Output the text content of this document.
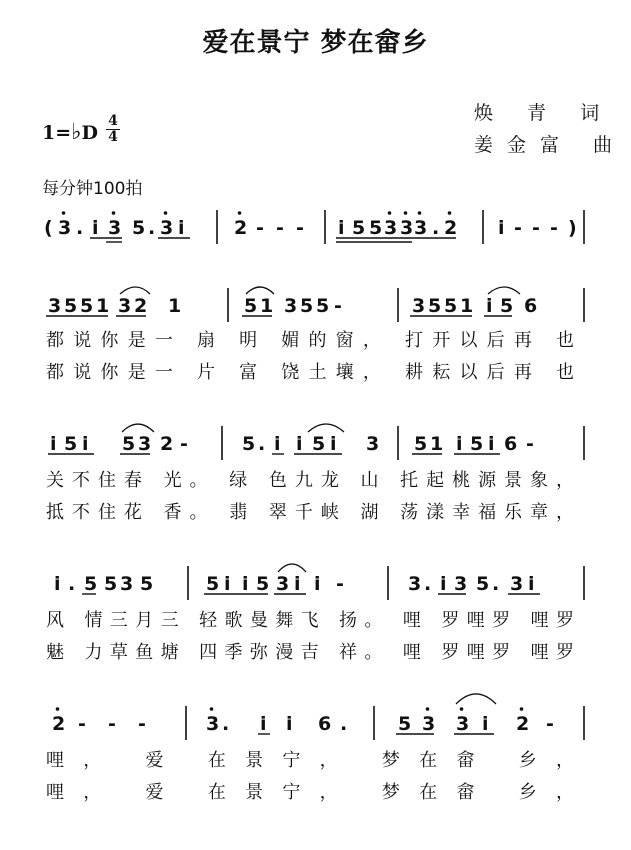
爱在景宁 梦在畲乡
焕 青 词
姜金富 曲
1=♭D
4
4
每分钟100拍
( 3 . i 3 5 . 3 i	2 - - - i 5 5 3 3 3 . 2 i - - - )
3 5 5 1 3 2 1	5 1 3 5 5 -	3 5 5 1 i 5 6
都说你是一 扇 明 媚的窗， 打开以后再 也
都说你是一 片 富 饶土壤， 耕耘以后再 也
i 5 i 5 3 2 -	5 . i i 5 i 3 5 1 i 5 i 6 -
关不住春 光。 绿 色九龙 山 托起桃源景象，
抵不住花 香。 翡 翠千峡 湖 荡漾幸福乐章，
i . 5 5 3 5	5 i i 5 3 i i -	3 . i 3 5 . 3 i
风 情三月三 轻歌曼舞飞 扬。 哩 罗哩罗 哩罗
魅 力草鱼塘 四季弥漫吉 祥。 哩 罗哩罗 哩罗
2 - - -	3 . i i 6 .	5 3 3 i 2 -
哩， 爱 在景宁， 梦在畲 乡，
哩， 爱 在景宁， 梦在畲 乡，
